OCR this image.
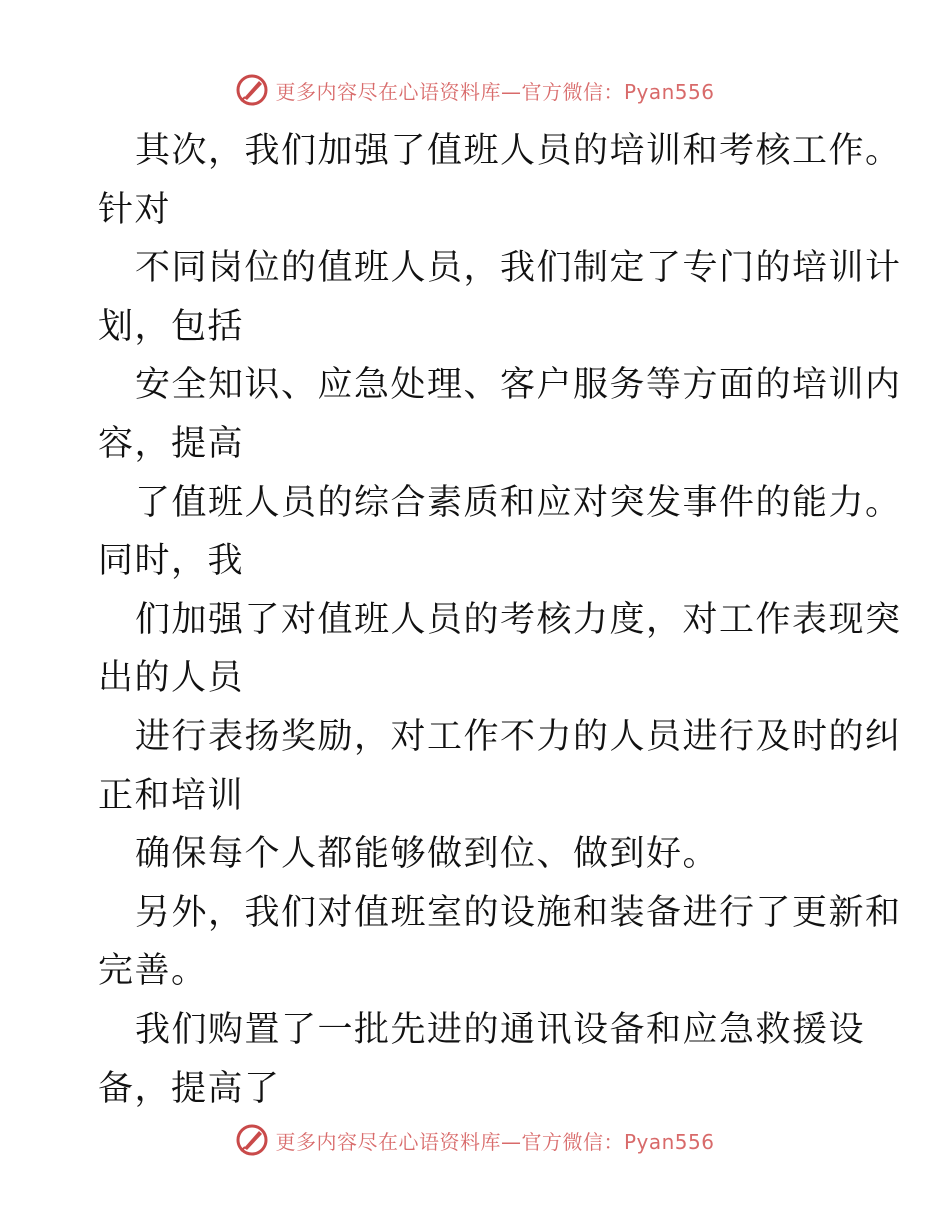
更多内容尽在心语资料库—官方微信：Pyan556
其次，我们加强了值班人员的培训和考核工作。
针对
不同岗位的值班人员，我们制定了专门的培训计
划，包括
安全知识、应急处理、客户服务等方面的培训内
容，提高
了值班人员的综合素质和应对突发事件的能力。
同时，我
们加强了对值班人员的考核力度，对工作表现突
出的人员
进行表扬奖励，对工作不力的人员进行及时的纠
正和培训
确保每个人都能够做到位、做到好。
另外，我们对值班室的设施和装备进行了更新和
完善。
我们购置了一批先进的通讯设备和应急救援设
备，提高了
更多内容尽在心语资料库—官方微信：Pyan556
